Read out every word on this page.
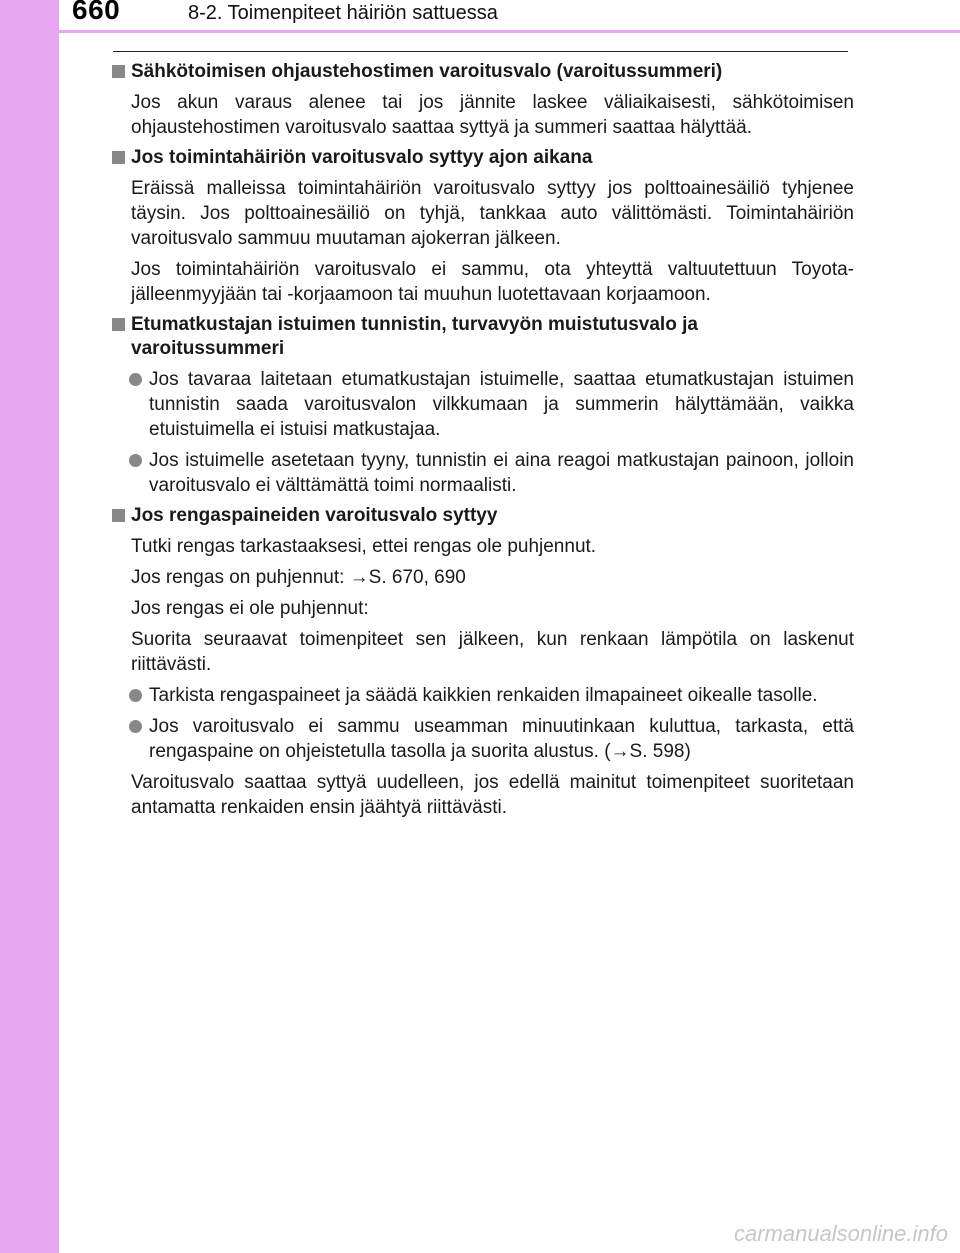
660	8-2. Toimenpiteet häiriön sattuessa
Sähkötoimisen ohjaustehostimen varoitusvalo (varoitussummeri)
Jos akun varaus alenee tai jos jännite laskee väliaikaisesti, sähkötoimisen ohjaustehostimen varoitusvalo saattaa syttyä ja summeri saattaa hälyttää.
Jos toimintahäiriön varoitusvalo syttyy ajon aikana
Eräissä malleissa toimintahäiriön varoitusvalo syttyy jos polttoainesäiliö tyhjenee täysin. Jos polttoainesäiliö on tyhjä, tankkaa auto välittömästi. Toimintahäiriön varoitusvalo sammuu muutaman ajokerran jälkeen.
Jos toimintahäiriön varoitusvalo ei sammu, ota yhteyttä valtuutettuun Toyota-jälleenmyyjään tai -korjaamoon tai muuhun luotettavaan korjaamoon.
Etumatkustajan istuimen tunnistin, turvavyön muistutusvalo ja varoitussummeri
Jos tavaraa laitetaan etumatkustajan istuimelle, saattaa etumatkustajan istuimen tunnistin saada varoitusvalon vilkkumaan ja summerin hälyttämään, vaikka etuistuimella ei istuisi matkustajaa.
Jos istuimelle asetetaan tyyny, tunnistin ei aina reagoi matkustajan painoon, jolloin varoitusvalo ei välttämättä toimi normaalisti.
Jos rengaspaineiden varoitusvalo syttyy
Tutki rengas tarkastaaksesi, ettei rengas ole puhjennut.
Jos rengas on puhjennut: →S. 670, 690
Jos rengas ei ole puhjennut:
Suorita seuraavat toimenpiteet sen jälkeen, kun renkaan lämpötila on laskenut riittävästi.
Tarkista rengaspaineet ja säädä kaikkien renkaiden ilmapaineet oikealle tasolle.
Jos varoitusvalo ei sammu useamman minuutinkaan kuluttua, tarkasta, että rengaspaine on ohjeistetulla tasolla ja suorita alustus. (→S. 598)
Varoitusvalo saattaa syttyä uudelleen, jos edellä mainitut toimenpiteet suoritetaan antamatta renkaiden ensin jäähtyä riittävästi.
carmanualsonline.info
